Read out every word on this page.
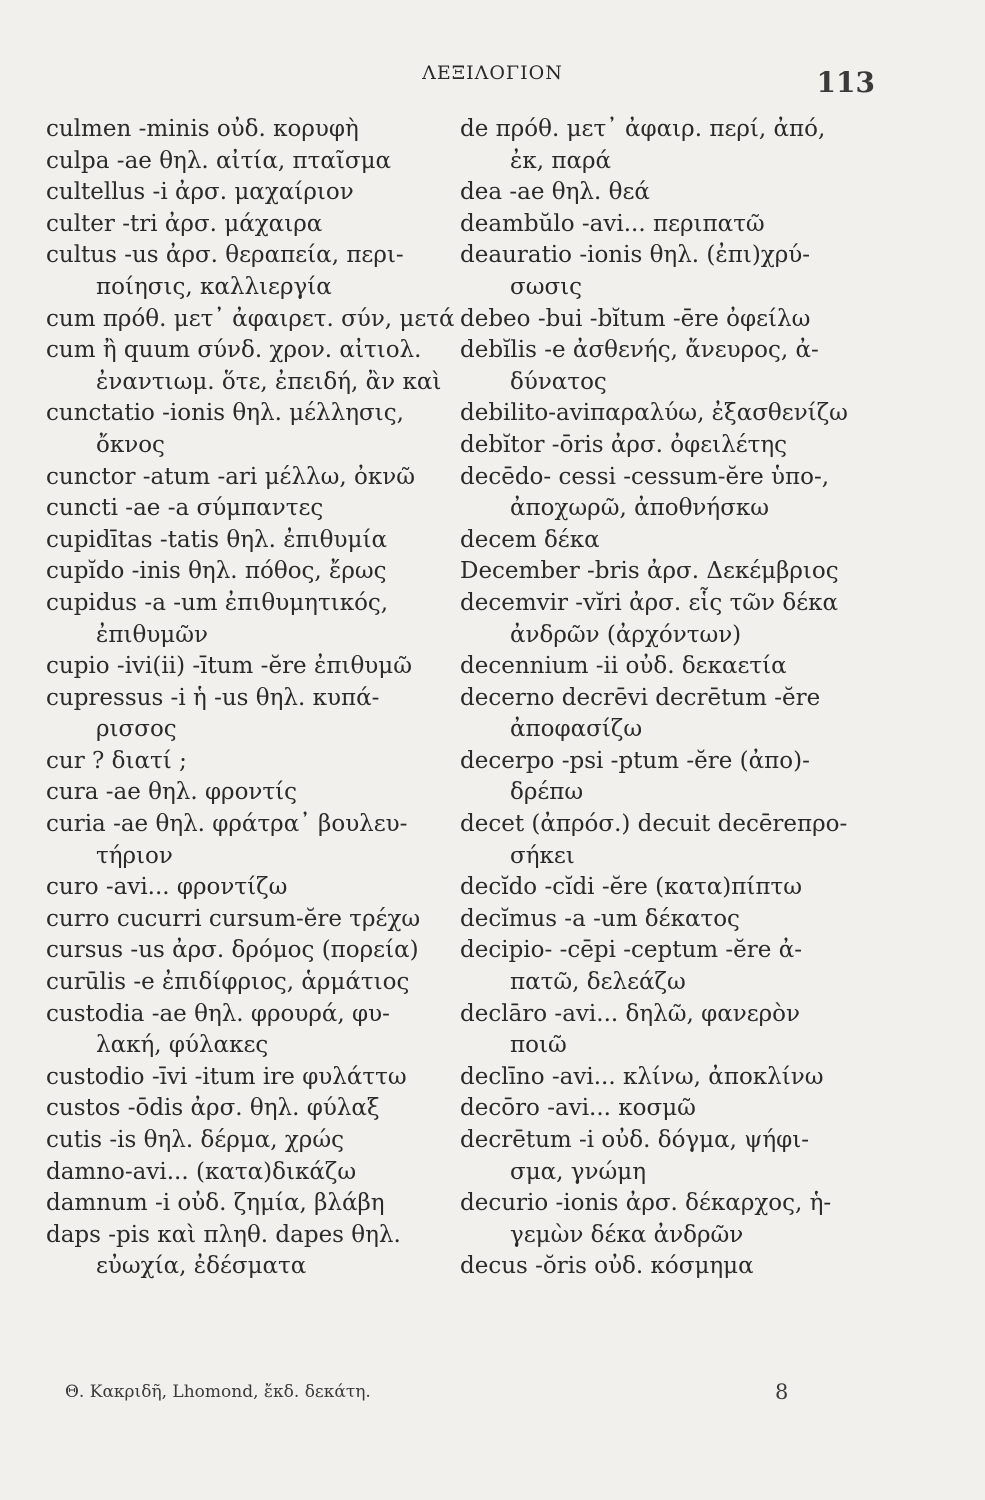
ΛΕΞΙΛΟΓΙΟΝ	113
culmen -minis οὐδ. κορυφὴ
culpa -ae θηλ. αἰτία, πταῖσμα
cultellus -i ἀρσ. μαχαίριον
culter -tri ἀρσ. μάχαιρα
cultus -us ἀρσ. θεραπεία, περι-
ποίησις, καλλιεργία
cum πρόθ. μετ᾽ ἀφαιρετ. σύν, μετά
cum ἢ quum σύνδ. χρον. αἰτιολ.
ἐναντιωμ. ὅτε, ἐπειδή, ἂν καὶ
cunctatio -ionis θηλ. μέλλησις,
ὄκνος
cunctor -atum -ari μέλλω, ὀκνῶ
cuncti -ae -a σύμπαντες
cupidītas -tatis θηλ. ἐπιθυμία
cupĭdo -inis θηλ. πόθος, ἔρως
cupidus -a -um ἐπιθυμητικός,
ἐπιθυμῶν
cupio -ivi(ii) -ītum -ĕre ἐπιθυμῶ
cupressus -i ἡ -us θηλ. κυπά-
ρισσος
cur ? διατί ;
cura -ae θηλ. φροντίς
curia -ae θηλ. φράτρα᾽ βουλευ-
τήριον
curo -avi... φροντίζω
curro cucurri cursum-ĕre τρέχω
cursus -us ἀρσ. δρόμος (πορεία)
curūlis -e ἐπιδίφριος, ἁρμάτιος
custodia -ae θηλ. φρουρά, φυ-
λακή, φύλακες
custodio -īvi -itum ire φυλάττω
custos -ōdis ἀρσ. θηλ. φύλαξ
cutis -is θηλ. δέρμα, χρώς
damno-avi... (κατα)δικάζω
damnum -i οὐδ. ζημία, βλάβη
daps -pis καὶ πληθ. dapes θηλ.
εὐωχία, ἐδέσματα
de πρόθ. μετ᾽ ἀφαιρ. περί, ἀπό,
ἐκ, παρά
dea -ae θηλ. θεά
deambŭlo -avi... περιπατῶ
deauratio -ionis θηλ. (ἐπι)χρύ-
σωσις
debeo -bui -bĭtum -ēre ὀφείλω
debĭlis -e ἀσθενής, ἄνευρος, ἀ-
δύνατος
debilito-aviπαραλύω, ἐξασθενίζω
debĭtor -ōris ἀρσ. ὀφειλέτης
decēdo- cessi -cessum-ĕre ὑπο-,
ἀποχωρῶ, ἀποθνήσκω
decem δέκα
December -bris ἀρσ. Δεκέμβριος
decemvir -vĭri ἀρσ. εἷς τῶν δέκα
ἀνδρῶν (ἀρχόντων)
decennium -ii οὐδ. δεκαετία
decerno decrēvi decrētum -ĕre
ἀποφασίζω
decerpo -psi -ptum -ĕre (ἀπο)-
δρέπω
decet (ἀπρόσ.) decuit decēreπρο-
σήκει
decĭdo -cĭdi -ĕre (κατα)πίπτω
decĭmus -a -um δέκατος
decipio- -cēpi -ceptum -ĕre ἀ-
πατῶ, δελεάζω
declāro -avi... δηλῶ, φανερὸν
ποιῶ
declīno -avi... κλίνω, ἀποκλίνω
decōro -avi... κοσμῶ
decrētum -i οὐδ. δόγμα, ψήφι-
σμα, γνώμη
decurio -ionis ἀρσ. δέκαρχος, ἡ-
γεμὼν δέκα ἀνδρῶν
decus -ŏris οὐδ. κόσμημα
Θ. Κακριδῆ, Lhomond, ἔκδ. δεκάτη.	8
